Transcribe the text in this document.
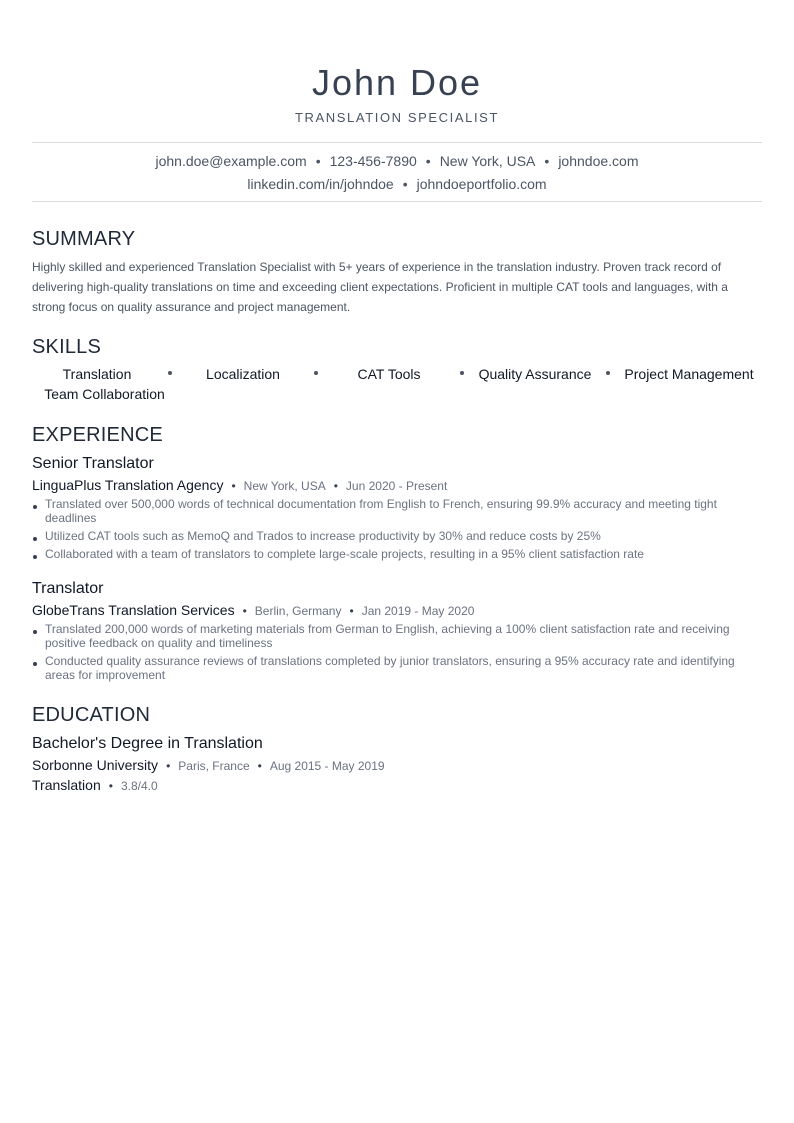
John Doe
TRANSLATION SPECIALIST
john.doe@example.com • 123-456-7890 • New York, USA • johndoe.com
linkedin.com/in/johndoe • johndoeportfolio.com
SUMMARY

Highly skilled and experienced Translation Specialist with 5+ years of experience in the translation industry. Proven track record of delivering high-quality translations on time and exceeding client expectations. Proficient in multiple CAT tools and languages, with a strong focus on quality assurance and project management.

SKILLS
Translation	Localization	CAT Tools	Quality Assurance	Project Management
Team Collaboration
EXPERIENCE
Senior Translator
LinguaPlus Translation Agency • New York, USA • Jun 2020 - Present
Translated over 500,000 words of technical documentation from English to French, ensuring 99.9% accuracy and meeting tight deadlines
Utilized CAT tools such as MemoQ and Trados to increase productivity by 30% and reduce costs by 25%
Collaborated with a team of translators to complete large-scale projects, resulting in a 95% client satisfaction rate
Translator
GlobeTrans Translation Services • Berlin, Germany • Jan 2019 - May 2020
Translated 200,000 words of marketing materials from German to English, achieving a 100% client satisfaction rate and receiving positive feedback on quality and timeliness
Conducted quality assurance reviews of translations completed by junior translators, ensuring a 95% accuracy rate and identifying areas for improvement
EDUCATION
Bachelor's Degree in Translation
Sorbonne University • Paris, France • Aug 2015 - May 2019
Translation • 3.8/4.0
